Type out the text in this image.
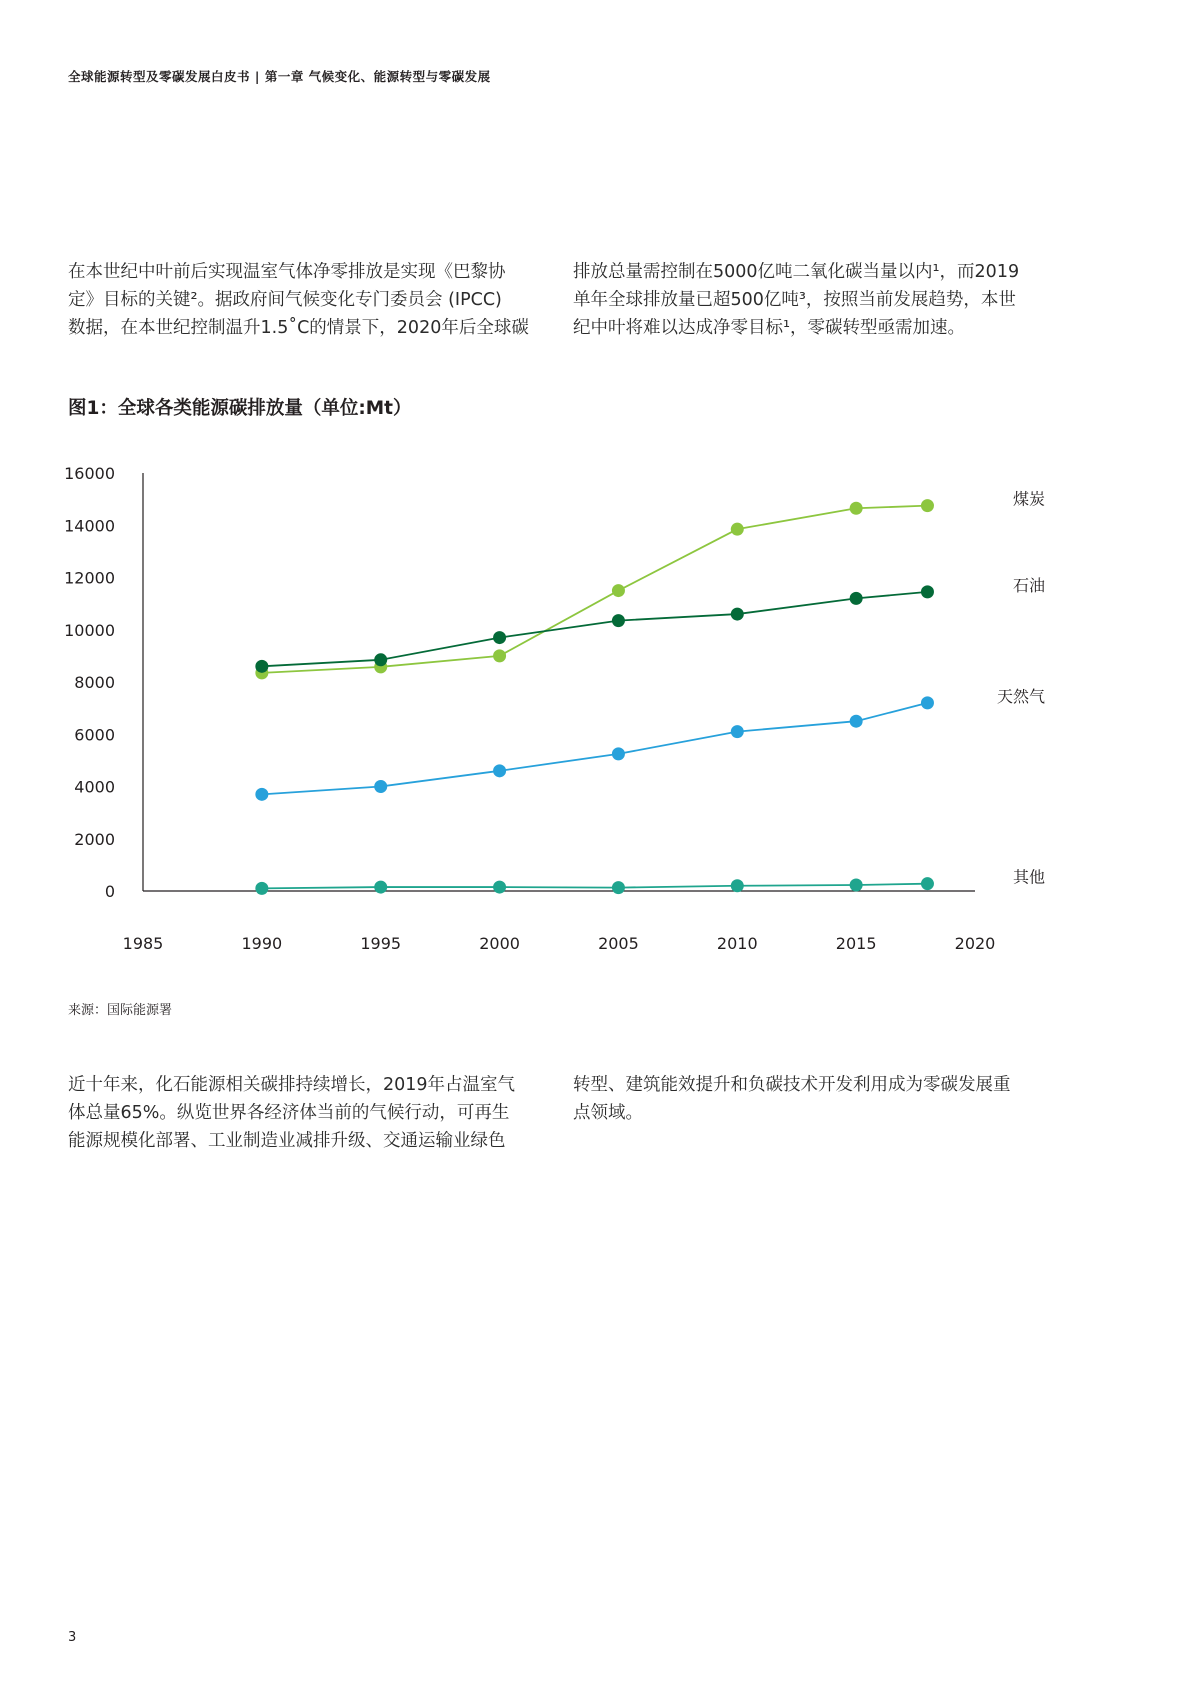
全球能源转型及零碳发展白皮书 | 第一章 气候变化、能源转型与零碳发展

在本世纪中叶前后实现温室气体净零排放是实现《巴黎协

定》目标的关键²。据政府间气候变化专门委员会 (IPCC)

数据，在本世纪控制温升1.5˚C的情景下，2020年后全球碳

排放总量需控制在5000亿吨二氧化碳当量以内¹，而2019

单年全球排放量已超500亿吨³，按照当前发展趋势，本世

纪中叶将难以达成净零目标¹，零碳转型亟需加速。

图1：全球各类能源碳排放量（单位:Mt）
0
2000
4000
6000
8000
10000
12000
14000
16000
1985	1990	1995	2000	2005	2010	2015	2020
煤炭
石油
天然气
其他
来源：国际能源署

近十年来，化石能源相关碳排持续增长，2019年占温室气

体总量65%。纵览世界各经济体当前的气候行动，可再生

能源规模化部署、工业制造业减排升级、交通运输业绿色

转型、建筑能效提升和负碳技术开发利用成为零碳发展重

点领域。

3
